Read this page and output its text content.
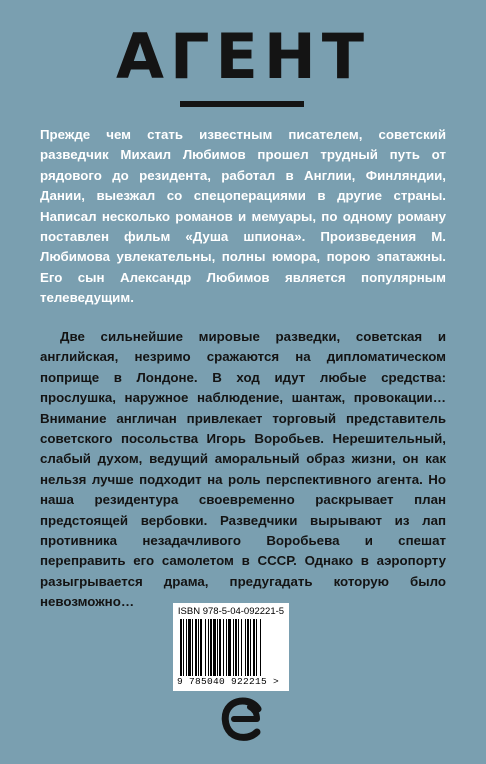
АГЕНТ

Прежде чем стать известным писателем, советский разведчик Михаил Любимов прошел трудный путь от рядового до резидента, работал в Англии, Финляндии, Дании, выезжал со спецоперациями в другие страны. Написал несколько романов и мемуары, по одному роману поставлен фильм «Душа шпиона». Произведения М. Любимова увлекательны, полны юмора, порою эпатажны. Его сын Александр Любимов является популярным телеведущим.

Две сильнейшие мировые разведки, советская и английская, незримо сражаются на дипломатическом поприще в Лондоне. В ход идут любые средства: прослушка, наружное наблюдение, шантаж, провокации… Внимание англичан привлекает торговый представитель советского посольства Игорь Воробьев. Нерешительный, слабый духом, ведущий аморальный образ жизни, он как нельзя лучше подходит на роль перспективного агента. Но наша резидентура своевременно раскрывает план предстоящей вербовки. Разведчики вырывают из лап противника незадачливого Воробьева и спешат переправить его самолетом в СССР. Однако в аэропорту разыгрывается драма, предугадать которую было невозможно…

ISBN 978-5-04-092221-5
9 785040 922215 >
